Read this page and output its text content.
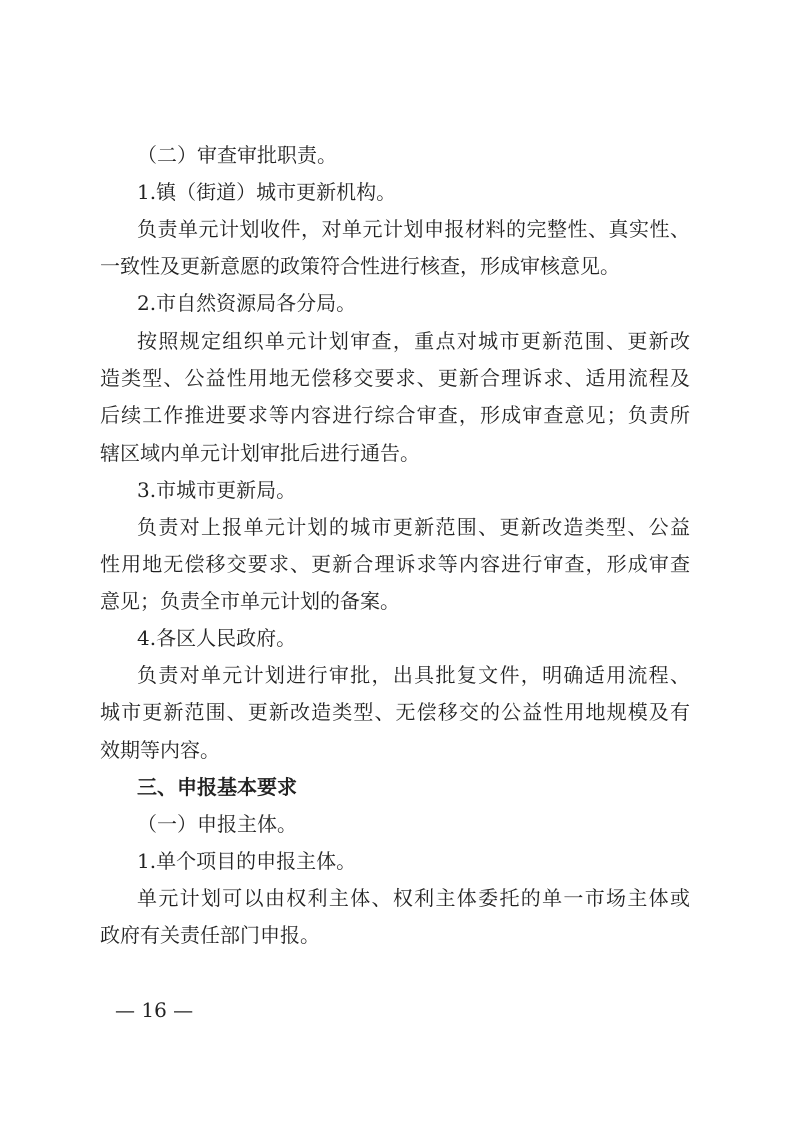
（二）审查审批职责。
1.镇（街道）城市更新机构。
负责单元计划收件，对单元计划申报材料的完整性、真实性、
一致性及更新意愿的政策符合性进行核查，形成审核意见。
2.市自然资源局各分局。
按照规定组织单元计划审查，重点对城市更新范围、更新改
造类型、公益性用地无偿移交要求、更新合理诉求、适用流程及
后续工作推进要求等内容进行综合审查，形成审查意见；负责所
辖区域内单元计划审批后进行通告。
3.市城市更新局。
负责对上报单元计划的城市更新范围、更新改造类型、公益
性用地无偿移交要求、更新合理诉求等内容进行审查，形成审查
意见；负责全市单元计划的备案。
4.各区人民政府。
负责对单元计划进行审批，出具批复文件，明确适用流程、
城市更新范围、更新改造类型、无偿移交的公益性用地规模及有
效期等内容。
三、申报基本要求
（一）申报主体。
1.单个项目的申报主体。
单元计划可以由权利主体、权利主体委托的单一市场主体或
政府有关责任部门申报。
— 16 —
